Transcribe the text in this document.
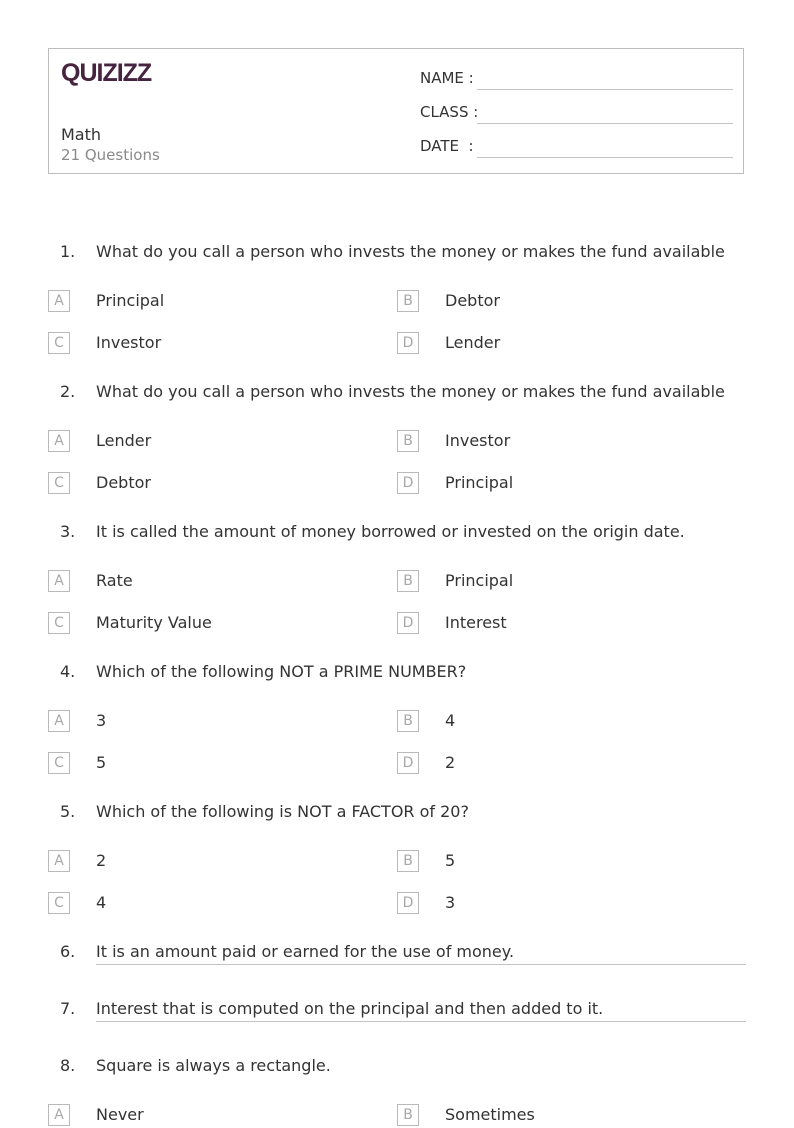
QUIZIZZ
Math
21 Questions
NAME :
CLASS :
DATE  :
1. What do you call a person who invests the money or makes the fund available
A	Principal	B	Debtor
C	Investor	D	Lender
2. What do you call a person who invests the money or makes the fund available
A	Lender	B	Investor
C	Debtor	D	Principal
3. It is called the amount of money borrowed or invested on the origin date.
A	Rate	B	Principal
C	Maturity Value	D	Interest
4. Which of the following NOT a PRIME NUMBER?
A	3	B	4
C	5	D	2
5. Which of the following is NOT a FACTOR of 20?
A	2	B	5
C	4	D	3
6. It is an amount paid or earned for the use of money.
7. Interest that is computed on the principal and then added to it.
8. Square is always a rectangle.
A	Never	B	Sometimes
